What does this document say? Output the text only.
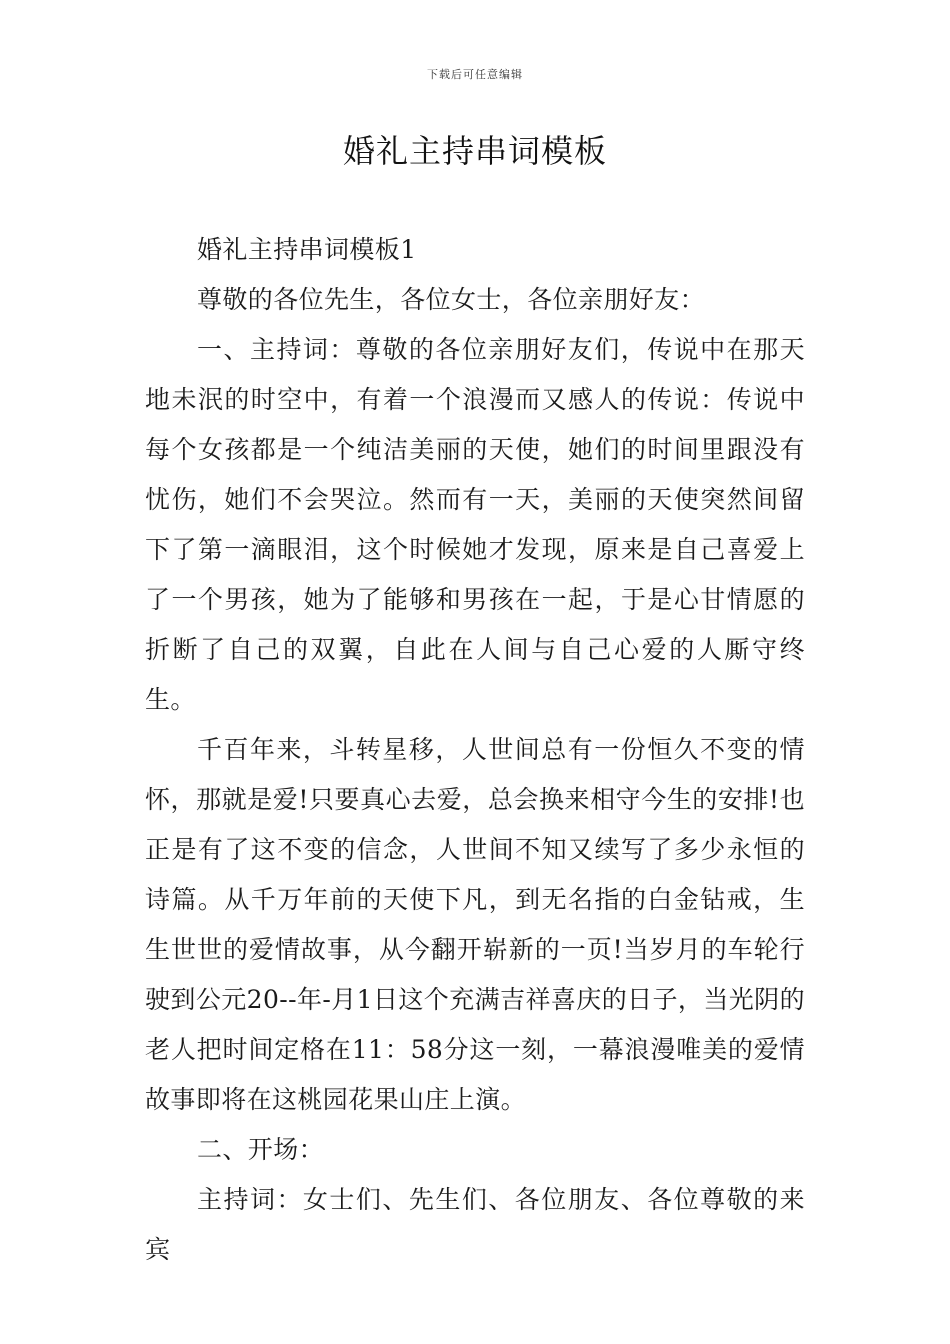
下载后可任意编辑
婚礼主持串词模板

婚礼主持串词模板1

尊敬的各位先生，各位女士，各位亲朋好友：

一、主持词：尊敬的各位亲朋好友们，传说中在那天地未泯的时空中，有着一个浪漫而又感人的传说：传说中每个女孩都是一个纯洁美丽的天使，她们的时间里跟没有忧伤，她们不会哭泣。然而有一天，美丽的天使突然间留下了第一滴眼泪，这个时候她才发现，原来是自己喜爱上了一个男孩，她为了能够和男孩在一起，于是心甘情愿的折断了自己的双翼，自此在人间与自己心爱的人厮守终生。

千百年来，斗转星移，人世间总有一份恒久不变的情怀，那就是爱!只要真心去爱，总会换来相守今生的安排!也正是有了这不变的信念，人世间不知又续写了多少永恒的诗篇。从千万年前的天使下凡，到无名指的白金钻戒，生生世世的爱情故事，从今翻开崭新的一页!当岁月的车轮行驶到公元20--年-月1日这个充满吉祥喜庆的日子，当光阴的老人把时间定格在11：58分这一刻，一幕浪漫唯美的爱情故事即将在这桃园花果山庄上演。

二、开场：

主持词：女士们、先生们、各位朋友、各位尊敬的来宾
